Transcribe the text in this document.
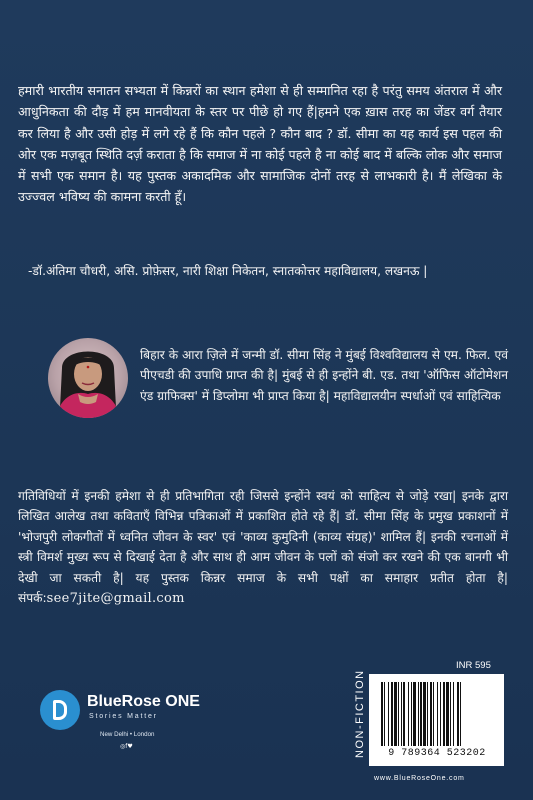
हमारी भारतीय सनातन सभ्यता में किन्नरों का स्थान हमेशा से ही सम्मानित रहा है परंतु समय अंतराल में और आधुनिकता की दौड़ में हम मानवीयता के स्तर पर पीछे हो गए हैं|हमने एक ख़ास तरह का जेंडर वर्ग तैयार कर लिया है और उसी होड़ में लगे रहे हैं कि कौन पहले ? कौन बाद ? डॉ. सीमा का यह कार्य इस पहल की ओर एक मज़बूत स्थिति दर्ज़ कराता है कि समाज में ना कोई पहले है ना कोई बाद में बल्कि लोक और समाज में सभी एक समान है। यह पुस्तक अकादमिक और सामाजिक दोनों तरह से लाभकारी है। मैं लेखिका के उज्ज्वल भविष्य की कामना करती हूँ।

-डॉ.अंतिमा चौधरी, असि. प्रोफ़ेसर, नारी शिक्षा निकेतन, स्नातकोत्तर महाविद्यालय, लखनऊ |

बिहार के आरा ज़िले में जन्मी डॉ. सीमा सिंह ने मुंबई विश्वविद्यालय से एम. फिल. एवं पीएचडी की उपाधि प्राप्त की है| मुंबई से ही इन्होंने बी. एड. तथा 'ऑफिस ऑटोमेशन एंड ग्राफिक्स' में डिप्लोमा भी प्राप्त किया है| महाविद्यालयीन स्पर्धाओं एवं साहित्यिक

गतिविधियों में इनकी हमेशा से ही प्रतिभागिता रही जिससे इन्होंने स्वयं को साहित्य से जोड़े रखा| इनके द्वारा लिखित आलेख तथा कविताएँ विभिन्न पत्रिकाओं में प्रकाशित होते रहे हैं| डॉ. सीमा सिंह के प्रमुख प्रकाशनों में 'भोजपुरी लोकगीतों में ध्वनित जीवन के स्वर' एवं 'काव्य कुमुदिनी (काव्य संग्रह)' शामिल हैं| इनकी रचनाओं में स्त्री विमर्श मुख्य रूप से दिखाई देता है और साथ ही आम जीवन के पलों को संजो कर रखने की एक बानगी भी देखी जा सकती है| यह पुस्तक किन्नर समाज के सभी पक्षों का समाहार प्रतीत होता है|संपर्क:see7jite@gmail.com

BlueRose ONE
Stories Matter
New Delhi • London
◎f♥	NON-FICTION
INR 595
9 789364 523202
www.BlueRoseOne.com
